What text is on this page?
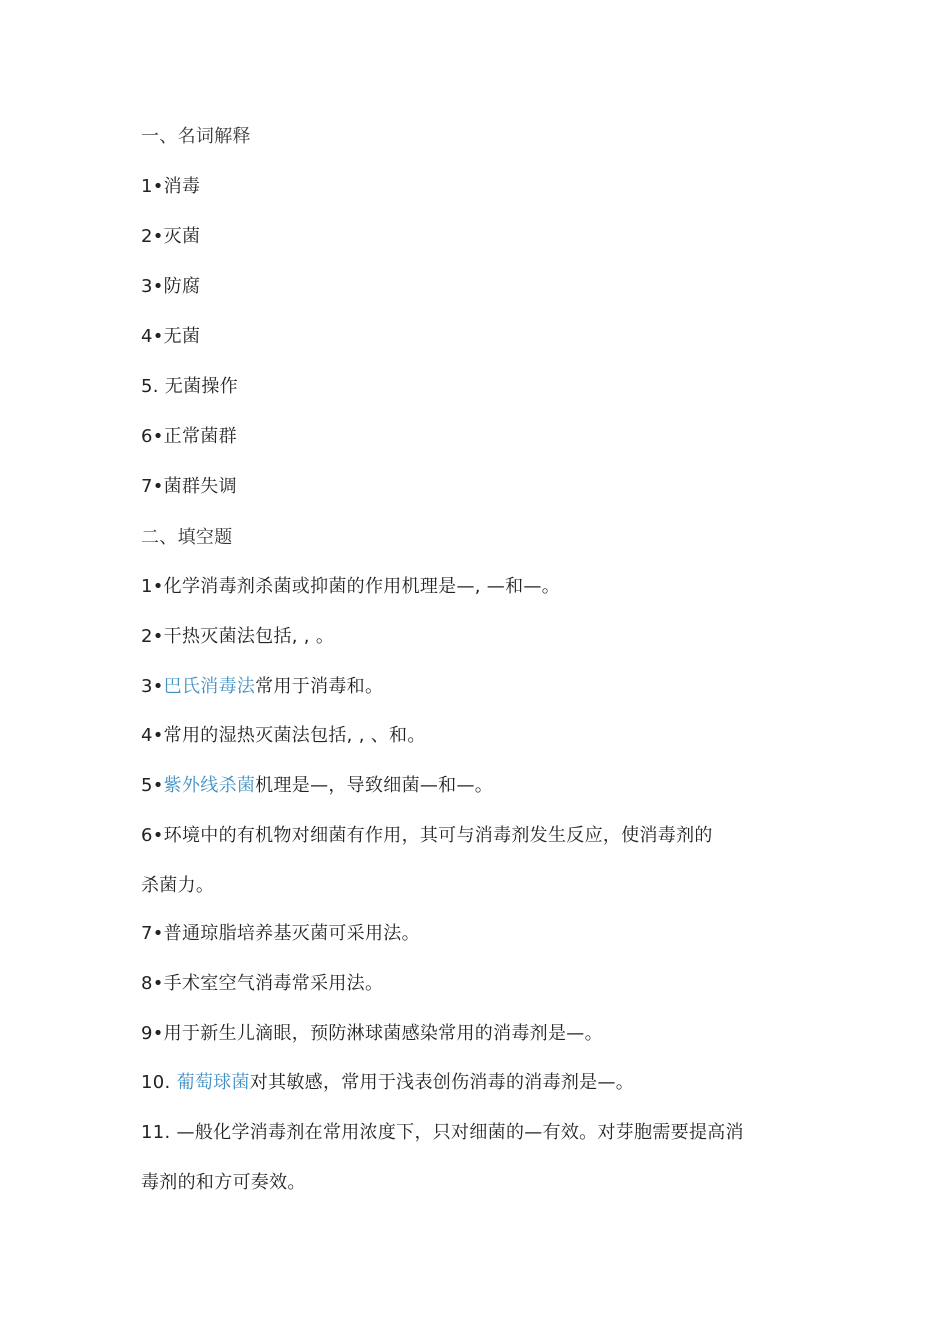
一、名词解释
1•消毒
2•灭菌
3•防腐
4•无菌
5. 无菌操作
6•正常菌群
7•菌群失调
二、填空题
1•化学消毒剂杀菌或抑菌的作用机理是—, —和—。
2•干热灭菌法包括, , 。
3•巴氏消毒法常用于消毒和。
4•常用的湿热灭菌法包括, , 、和。
5•紫外线杀菌机理是—，导致细菌—和—。
6•环境中的有机物对细菌有作用，其可与消毒剂发生反应，使消毒剂的
杀菌力。
7•普通琼脂培养基灭菌可采用法。
8•手术室空气消毒常采用法。
9•用于新生儿滴眼，预防淋球菌感染常用的消毒剂是—。
10. 葡萄球菌对其敏感，常用于浅表创伤消毒的消毒剂是—。
11. —般化学消毒剂在常用浓度下，只对细菌的—有效。对芽胞需要提高消
毒剂的和方可奏效。
